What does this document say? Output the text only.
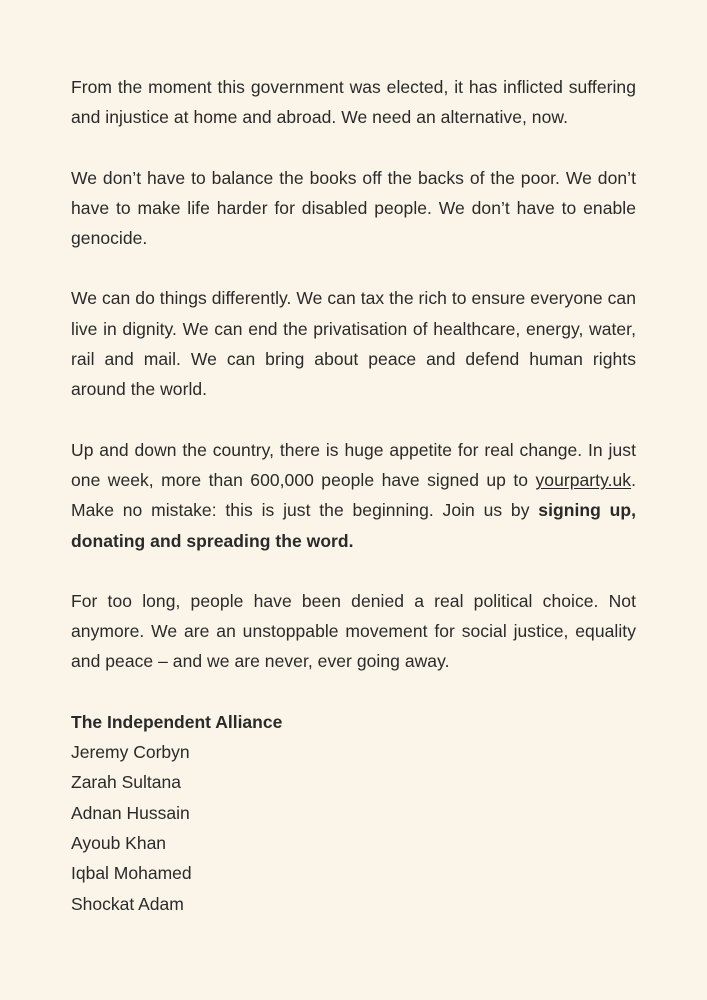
From the moment this government was elected, it has inflicted suffering and injustice at home and abroad. We need an alternative, now.

We don’t have to balance the books off the backs of the poor. We don’t have to make life harder for disabled people. We don’t have to enable genocide.

We can do things differently. We can tax the rich to ensure everyone can live in dignity. We can end the privatisation of healthcare, energy, water, rail and mail. We can bring about peace and defend human rights around the world.

Up and down the country, there is huge appetite for real change. In just one week, more than 600,000 people have signed up to yourparty.uk. Make no mistake: this is just the beginning. Join us by signing up, donating and spreading the word.

For too long, people have been denied a real political choice. Not anymore. We are an unstoppable movement for social justice, equality and peace – and we are never, ever going away.

The Independent Alliance
Jeremy Corbyn
Zarah Sultana
Adnan Hussain
Ayoub Khan
Iqbal Mohamed
Shockat Adam
